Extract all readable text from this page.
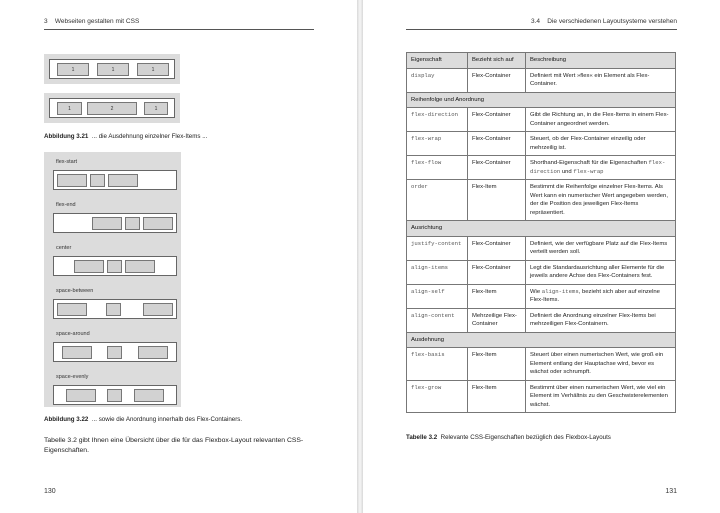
3 Webseiten gestalten mit CSS
1	1	1
1	2	1
Abbildung 3.21 ... die Ausdehnung einzelner Flex-Items ...
flex-start
flex-end
center
space-between
space-around
space-evenly
Abbildung 3.22 ... sowie die Anordnung innerhalb des Flex-Containers.
Tabelle 3.2 gibt Ihnen eine Übersicht über die für das Flexbox-Layout relevanten CSS-Eigenschaften.
130
3.4 Die verschiedenen Layoutsysteme verstehen
Eigenschaft	Bezieht sich auf	Beschreibung
display	Flex-Container	Definiert mit Wert »flex« ein Element als Flex-Container.
Reihenfolge und Anordnung		
flex-direction	Flex-Container	Gibt die Richtung an, in die Flex-Items in einem Flex-Container angeordnet werden.
flex-wrap	Flex-Container	Steuert, ob der Flex-Container einzeilig oder mehrzeilig ist.
flex-flow	Flex-Container	Shorthand-Eigenschaft für die Eigenschaften flex-direction und flex-wrap
order	Flex-Item	Bestimmt die Reihenfolge einzelner Flex-Items. Als Wert kann ein numerischer Wert angegeben werden, der die Position des jeweiligen Flex-Items repräsentiert.
Ausrichtung		
justify-content	Flex-Container	Definiert, wie der verfügbare Platz auf die Flex-Items verteilt werden soll.
align-items	Flex-Container	Legt die Standardausrichtung aller Elemente für die jeweils andere Achse des Flex-Containers fest.
align-self	Flex-Item	Wie align-items, bezieht sich aber auf einzelne Flex-Items.
align-content	Mehrzeilige Flex-Container	Definiert die Anordnung einzelner Flex-Items bei mehrzeiligen Flex-Containern.
Ausdehnung		
flex-basis	Flex-Item	Steuert über einen numerischen Wert, wie groß ein Element entlang der Hauptachse wird, bevor es wächst oder schrumpft.
flex-grow	Flex-Item	Bestimmt über einen numerischen Wert, wie viel ein Element im Verhältnis zu den Geschwisterelementen wächst.
Tabelle 3.2 Relevante CSS-Eigenschaften bezüglich des Flexbox-Layouts
131
